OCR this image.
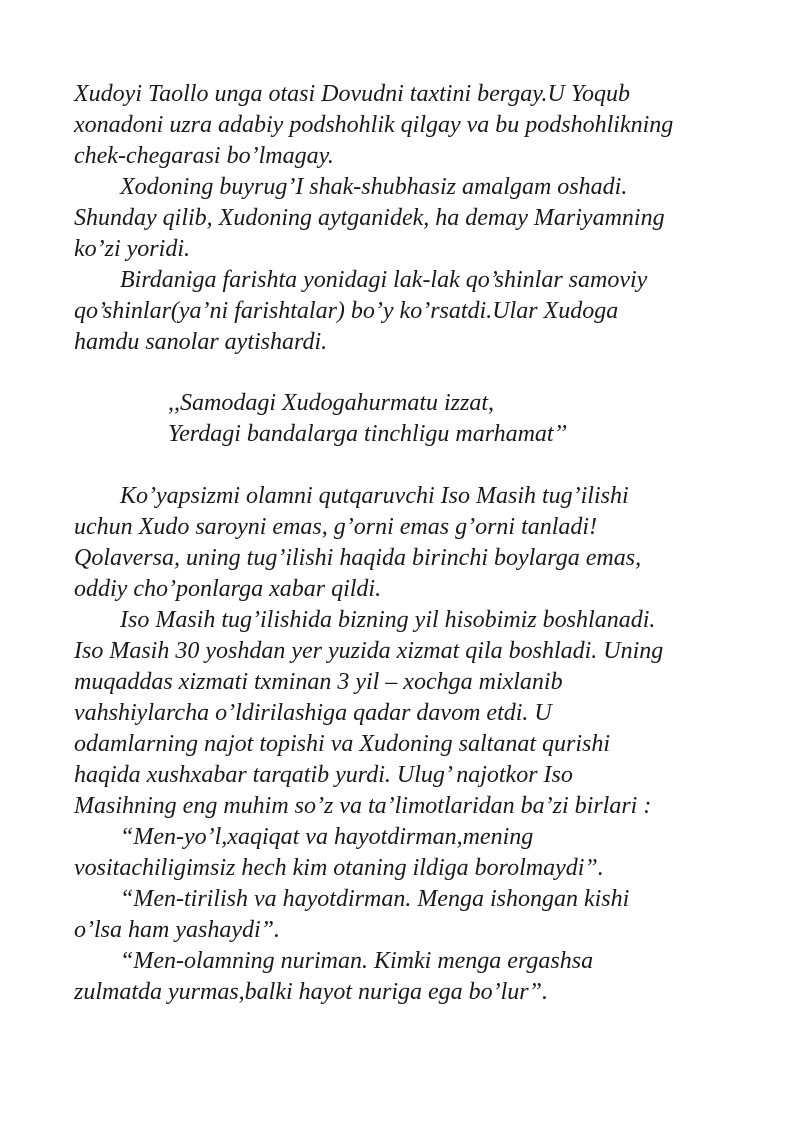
Xudoyi Taollo unga otasi Dovudni taxtini bergay.U Yoqub
xonadoni uzra adabiy podshohlik qilgay va bu podshohlikning
chek-chegarasi bo’lmagay.
Xodoning buyrug’I shak-shubhasiz amalgam oshadi.
Shunday qilib, Xudoning aytganidek, ha demay Mariyamning
ko’zi yoridi.
Birdaniga farishta yonidagi lak-lak qo’shinlar samoviy
qo’shinlar(ya’ni farishtalar) bo’y ko’rsatdi.Ular Xudoga
hamdu sanolar aytishardi.
,,Samodagi Xudogahurmatu izzat,
Yerdagi bandalarga tinchligu marhamat’’
Ko’yapsizmi olamni qutqaruvchi Iso Masih tug’ilishi
uchun Xudo saroyni emas, g’orni emas g’orni tanladi!
Qolaversa, uning tug’ilishi haqida birinchi boylarga emas,
oddiy cho’ponlarga xabar qildi.
Iso Masih tug’ilishida bizning yil hisobimiz boshlanadi.
Iso Masih 30 yoshdan yer yuzida xizmat qila boshladi. Uning
muqaddas xizmati txminan 3 yil – xochga mixlanib
vahshiylarcha o’ldirilashiga qadar davom etdi. U
odamlarning najot topishi va Xudoning saltanat qurishi
haqida xushxabar tarqatib yurdi. Ulug’ najotkor Iso
Masihning eng muhim so’z va ta’limotlaridan ba’zi birlari :
“Men-yo’l,xaqiqat va hayotdirman,mening
vositachiligimsiz hech kim otaning ildiga borolmaydi”.
“Men-tirilish va hayotdirman. Menga ishongan kishi
o’lsa ham yashaydi”.
“Men-olamning nuriman. Kimki menga ergashsa
zulmatda yurmas,balki hayot nuriga ega bo’lur”.
